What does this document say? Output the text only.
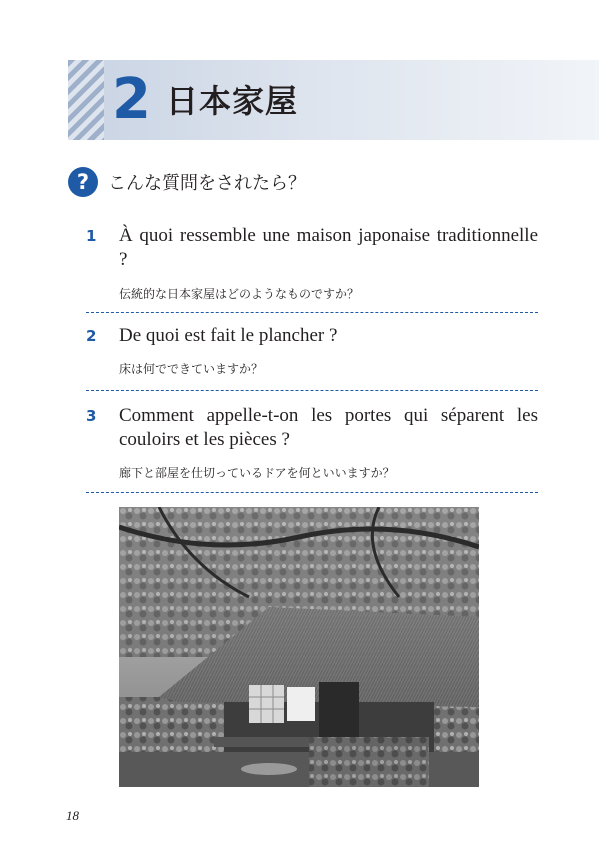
2 日本家屋
?	こんな質問をされたら？
1 À quoi ressemble une maison japonaise traditionnelle ?
伝統的な日本家屋はどのようなものですか？
2 De quoi est fait le plancher ?
床は何でできていますか？
3 Comment appelle-t-on les portes qui séparent les couloirs et les pièces ?
廊下と部屋を仕切っているドアを何といいますか？
18
